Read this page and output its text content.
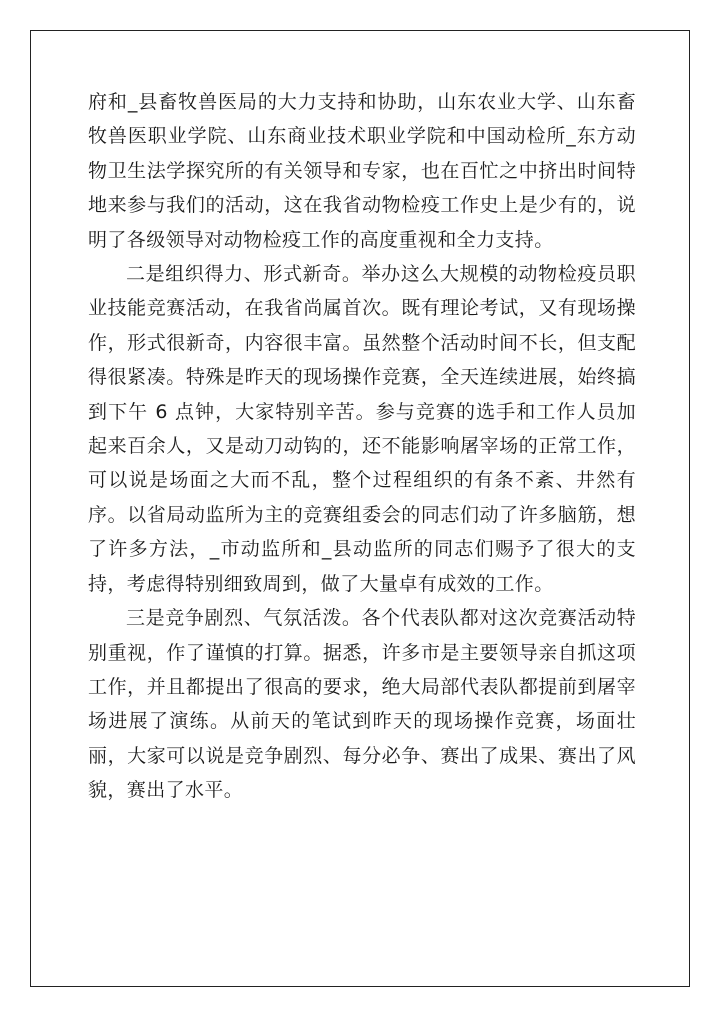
府和_县畜牧兽医局的大力支持和协助，山东农业大学、山东畜牧兽医职业学院、山东商业技术职业学院和中国动检所_东方动物卫生法学探究所的有关领导和专家，也在百忙之中挤出时间特地来参与我们的活动，这在我省动物检疫工作史上是少有的，说明了各级领导对动物检疫工作的高度重视和全力支持。

二是组织得力、形式新奇。举办这么大规模的动物检疫员职业技能竞赛活动，在我省尚属首次。既有理论考试，又有现场操作，形式很新奇，内容很丰富。虽然整个活动时间不长，但支配得很紧凑。特殊是昨天的现场操作竞赛，全天连续进展，始终搞到下午 6 点钟，大家特别辛苦。参与竞赛的选手和工作人员加起来百余人，又是动刀动钩的，还不能影响屠宰场的正常工作，可以说是场面之大而不乱，整个过程组织的有条不紊、井然有序。以省局动监所为主的竞赛组委会的同志们动了许多脑筋，想了许多方法，_市动监所和_县动监所的同志们赐予了很大的支持，考虑得特别细致周到，做了大量卓有成效的工作。

三是竞争剧烈、气氛活泼。各个代表队都对这次竞赛活动特别重视，作了谨慎的打算。据悉，许多市是主要领导亲自抓这项工作，并且都提出了很高的要求，绝大局部代表队都提前到屠宰场进展了演练。从前天的笔试到昨天的现场操作竞赛，场面壮丽，大家可以说是竞争剧烈、每分必争、赛出了成果、赛出了风貌，赛出了水平。
